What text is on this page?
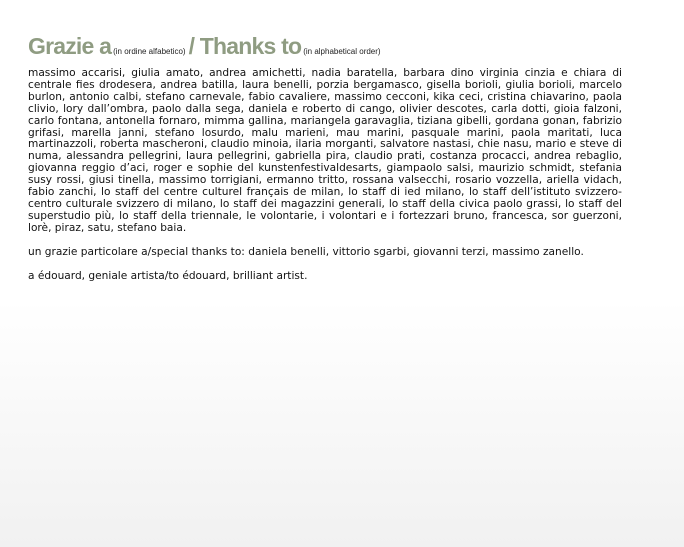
Grazie a (in ordine alfabetico) / Thanks to (in alphabetical order)

massimo accarisi, giulia amato, andrea amichetti, nadia baratella, barbara dino virginia cinzia e chiara di centrale fies drodesera, andrea batilla, laura benelli, porzia bergamasco, gisella borioli, giulia borioli, marcelo burlon, antonio calbi, stefano carnevale, fabio cavaliere, massimo cecconi, kika ceci, cristina chiavarino, paola clivio, lory dall’ombra, paolo dalla sega, daniela e roberto di cango, olivier descotes, carla dotti, gioia falzoni, carlo fontana, antonella fornaro, mimma gallina, mariangela garavaglia, tiziana gibelli, gordana gonan, fabrizio grifasi, marella janni, stefano losurdo, malu marieni, mau marini, pasquale marini, paola maritati, luca martinazzoli, roberta mascheroni, claudio minoia, ilaria morganti, salvatore nastasi, chie nasu, mario e steve di numa, alessandra pellegrini, laura pellegrini, gabriella pira, claudio prati, costanza procacci, andrea rebaglio, giovanna reggio d’aci, roger e sophie del kunstenfestivaldesarts, giampaolo salsi, maurizio schmidt, stefania susy rossi, giusi tinella, massimo torrigiani, ermanno tritto, rossana valsecchi, rosario vozzella, ariella vidach, fabio zanchi, lo staff del centre culturel français de milan, lo staff di ied milano, lo staff dell’istituto svizzero-centro culturale svizzero di milano, lo staff dei magazzini generali, lo staff della civica paolo grassi, lo staff del superstudio più, lo staff della triennale, le volontarie, i volontari e i fortezzari bruno, francesca, sor guerzoni, lorè, piraz, satu, stefano baia.

un grazie particolare a/special thanks to: daniela benelli, vittorio sgarbi, giovanni terzi, massimo zanello.

a édouard, geniale artista/to édouard, brilliant artist.
